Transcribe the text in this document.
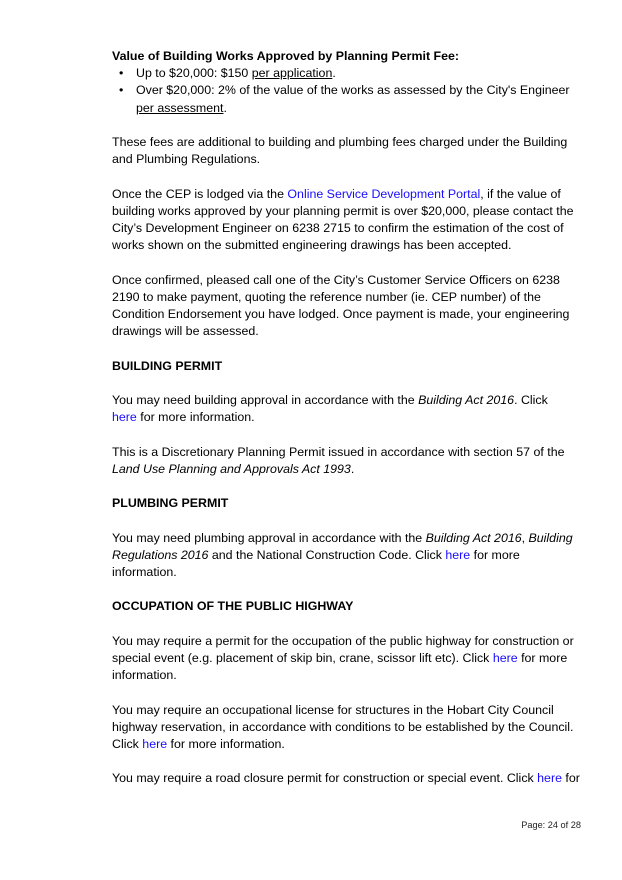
Value of Building Works Approved by Planning Permit Fee:

•	Up to $20,000: $150 per application.
•	Over $20,000: 2% of the value of the works as assessed by the City's Engineer per assessment.

These fees are additional to building and plumbing fees charged under the Building and Plumbing Regulations.

Once the CEP is lodged via the Online Service Development Portal, if the value of building works approved by your planning permit is over $20,000, please contact the City’s Development Engineer on 6238 2715 to confirm the estimation of the cost of works shown on the submitted engineering drawings has been accepted.

Once confirmed, pleased call one of the City’s Customer Service Officers on 6238 2190 to make payment, quoting the reference number (ie. CEP number) of the Condition Endorsement you have lodged. Once payment is made, your engineering drawings will be assessed.

BUILDING PERMIT

You may need building approval in accordance with the Building Act 2016. Click
here for more information.

This is a Discretionary Planning Permit issued in accordance with section 57 of the Land Use Planning and Approvals Act 1993.

PLUMBING PERMIT

You may need plumbing approval in accordance with the Building Act 2016, Building Regulations 2016 and the National Construction Code. Click here for more information.

OCCUPATION OF THE PUBLIC HIGHWAY

You may require a permit for the occupation of the public highway for construction or special event (e.g. placement of skip bin, crane, scissor lift etc). Click here for more information.

You may require an occupational license for structures in the Hobart City Council highway reservation, in accordance with conditions to be established by the Council. Click here for more information.

You may require a road closure permit for construction or special event. Click here for

Page: 24 of 28
